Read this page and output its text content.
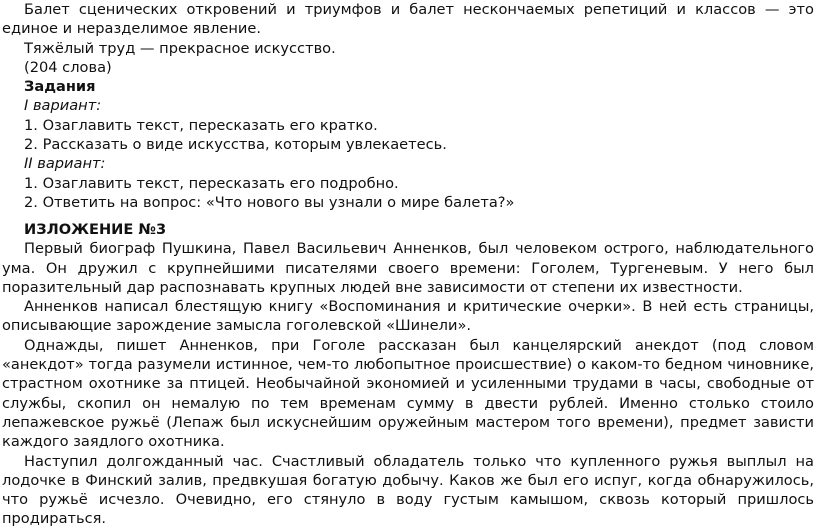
Балет сценических откровений и триумфов и балет нескончаемых репетиций и классов — это единое и неразделимое явление.

Тяжёлый труд — прекрасное искусство.

(204 слова)

Задания

I вариант:

1. Озаглавить текст, пересказать его кратко.

2. Рассказать о виде искусства, которым увлекаетесь.

II вариант:

1. Озаглавить текст, пересказать его подробно.

2. Ответить на вопрос: «Что нового вы узнали о мире балета?»

ИЗЛОЖЕНИЕ №3

Первый биограф Пушкина, Павел Васильевич Анненков, был человеком острого, наблюдательного ума. Он дружил с крупнейшими писателями своего времени: Гоголем, Тургеневым. У него был поразительный дар распознавать крупных людей вне зависимости от степени их известности.

Анненков написал блестящую книгу «Воспоминания и критические очерки». В ней есть страницы, описывающие зарождение замысла гоголевской «Шинели».

Однажды, пишет Анненков, при Гоголе рассказан был канцелярский анекдот (под словом «анекдот» тогда разумели истинное, чем-то любопытное происшествие) о каком-то бедном чиновнике, страстном охотнике за птицей. Необычайной экономией и усиленными трудами в часы, свободные от службы, скопил он немалую по тем временам сумму в двести рублей. Именно столько стоило лепажевское ружьё (Лепаж был искуснейшим оружейным мастером того времени), предмет зависти каждого заядлого охотника.

Наступил долгожданный час. Счастливый обладатель только что купленного ружья выплыл на лодочке в Финский залив, предвкушая богатую добычу. Каков же был его испуг, когда обнаружилось, что ружьё исчезло. Очевидно, его стянуло в воду густым камышом, сквозь который пришлось продираться.
